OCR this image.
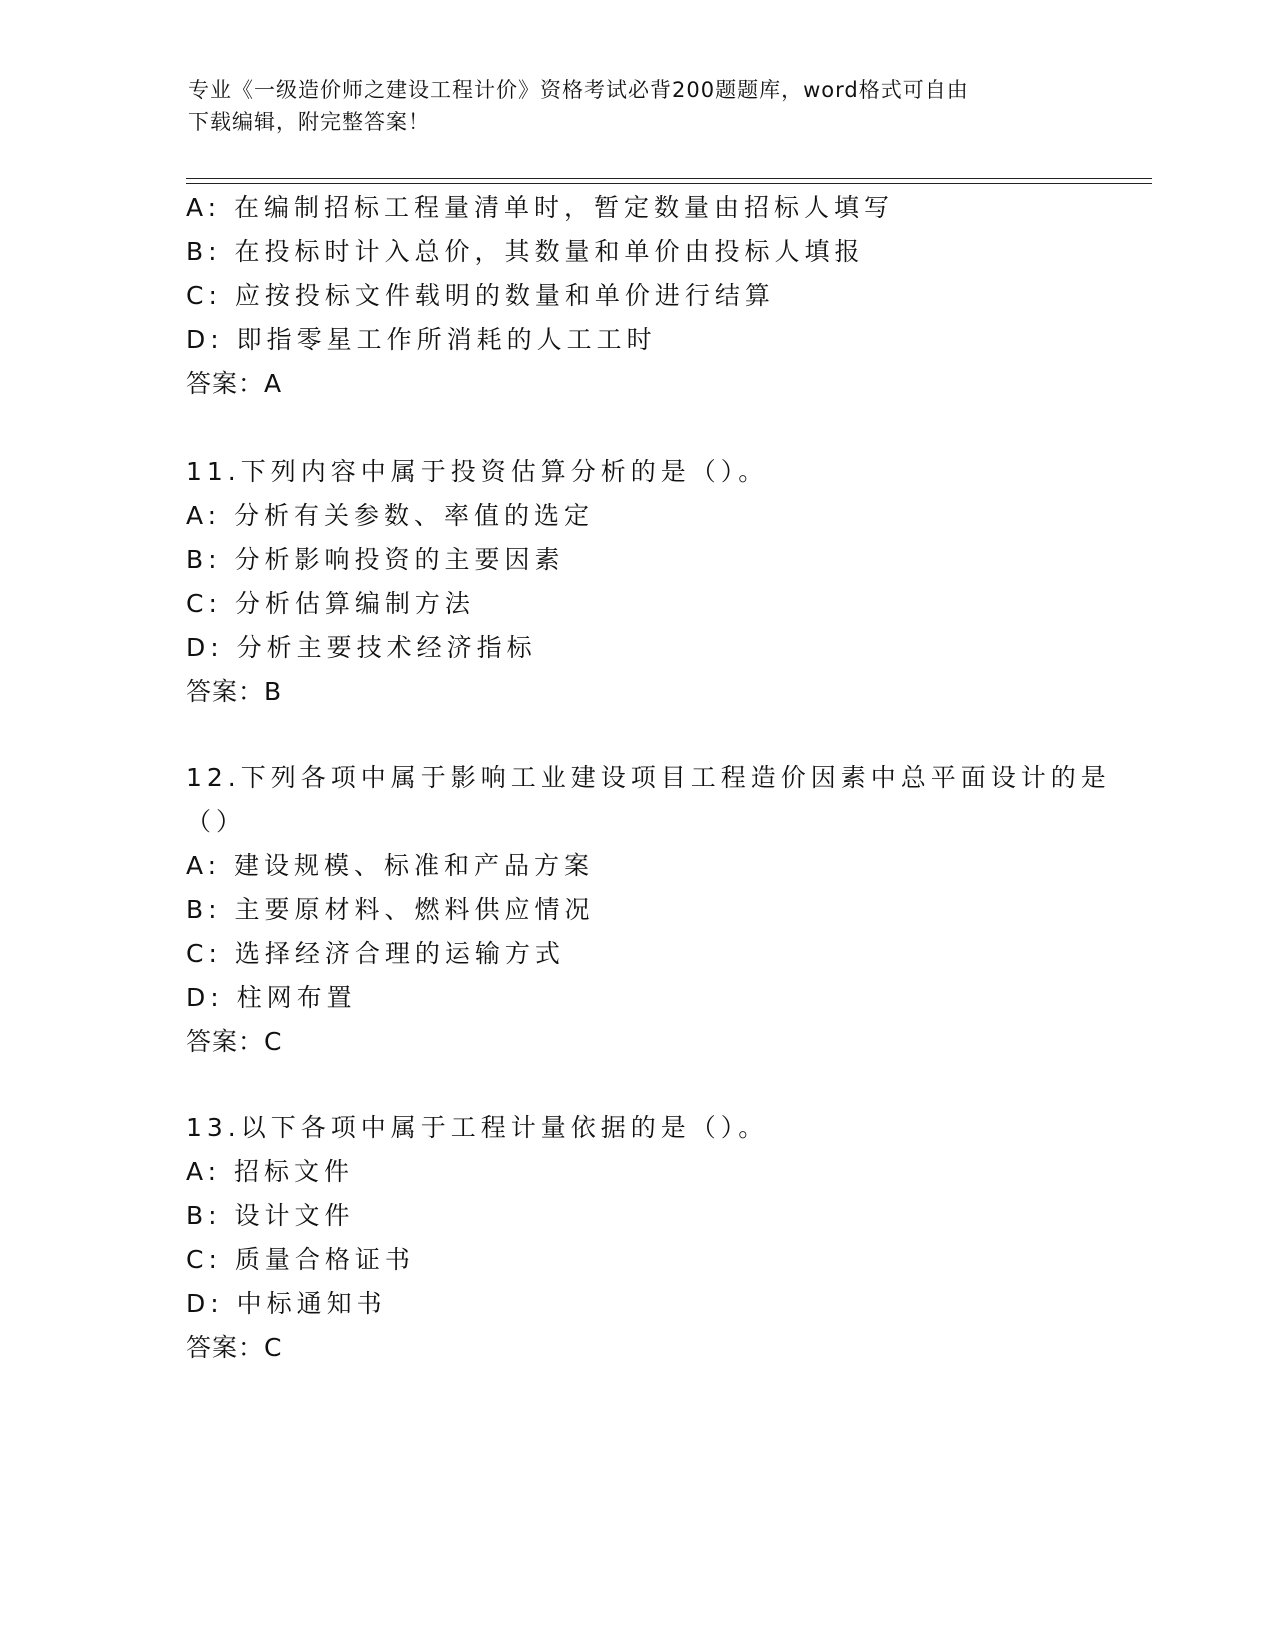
专业《一级造价师之建设工程计价》资格考试必背200题题库，word格式可自由
下载编辑，附完整答案！
A: 在编制招标工程量清单时，暂定数量由招标人填写
B: 在投标时计入总价，其数量和单价由投标人填报
C: 应按投标文件载明的数量和单价进行结算
D: 即指零星工作所消耗的人工工时
答案：A
11.下列内容中属于投资估算分析的是（）。
A: 分析有关参数、率值的选定
B: 分析影响投资的主要因素
C: 分析估算编制方法
D: 分析主要技术经济指标
答案：B
12.下列各项中属于影响工业建设项目工程造价因素中总平面设计的是
（）
A: 建设规模、标准和产品方案
B: 主要原材料、燃料供应情况
C: 选择经济合理的运输方式
D: 柱网布置
答案：C
13.以下各项中属于工程计量依据的是（）。
A: 招标文件
B: 设计文件
C: 质量合格证书
D: 中标通知书
答案：C
